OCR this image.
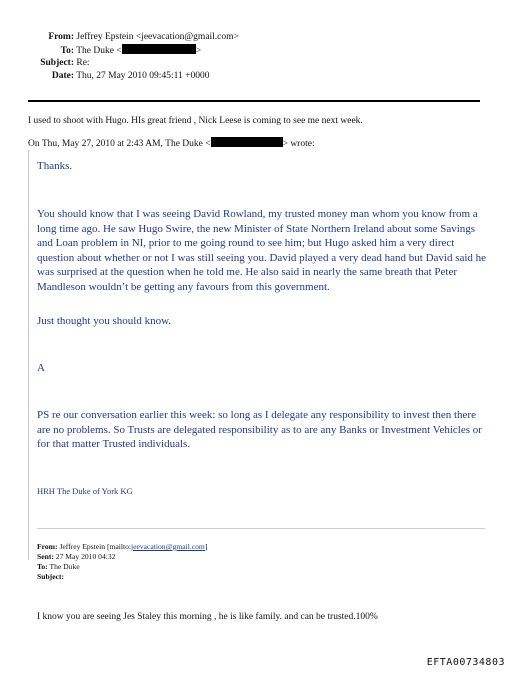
From: Jeffrey Epstein <jeevacation@gmail.com>
To: The Duke <	>
Subject: Re:
Date: Thu, 27 May 2010 09:45:11 +0000
I used to shoot with Hugo. HIs great friend , Nick Leese is coming to see me next week.
On Thu, May 27, 2010 at 2:43 AM, The Duke <	> wrote:
Thanks.
You should know that I was seeing David Rowland, my trusted money man whom you know from a long time ago. He saw Hugo Swire, the new Minister of State Northern Ireland about some Savings and Loan problem in NI, prior to me going round to see him; but Hugo asked him a very direct question about whether or not I was still seeing you. David played a very dead hand but David said he was surprised at the question when he told me. He also said in nearly the same breath that Peter Mandleson wouldn’t be getting any favours from this government.
Just thought you should know.
A
PS re our conversation earlier this week: so long as I delegate any responsibility to invest then there are no problems. So Trusts are delegated responsibility as to are any Banks or Investment Vehicles or for that matter Trusted individuals.
HRH The Duke of York KG
From: Jeffrey Epstein [mailto:jeevacation@gmail.com]
Sent: 27 May 2010 04:32
To: The Duke
Subject:
I know you are seeing Jes Staley this morning , he is like family. and can be trusted.100%
EFTA00734803
